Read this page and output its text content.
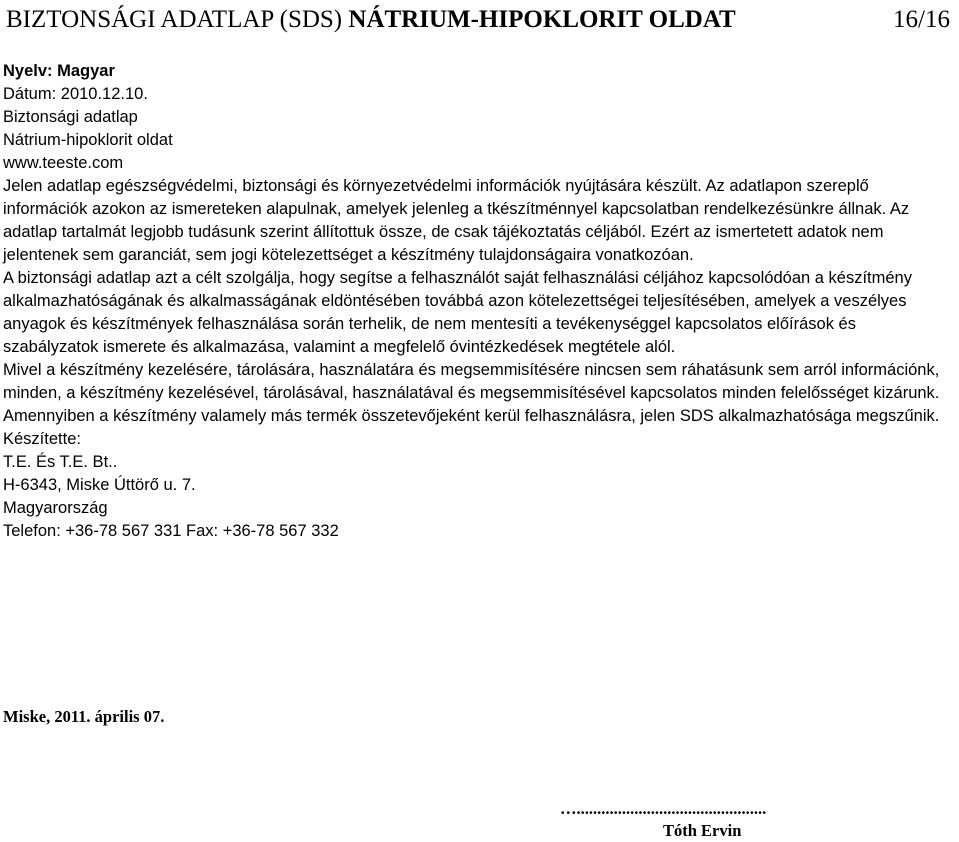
BIZTONSÁGI ADATLAP (SDS) NÁTRIUM-HIPOKLORIT OLDAT	16/16

Nyelv: Magyar

Dátum: 2010.12.10.

Biztonsági adatlap

Nátrium-hipoklorit oldat

www.teeste.com

Jelen adatlap egészségvédelmi, biztonsági és környezetvédelmi információk nyújtására készült. Az adatlapon szereplő információk azokon az ismereteken alapulnak, amelyek jelenleg a tkészítménnyel kapcsolatban rendelkezésünkre állnak. Az adatlap tartalmát legjobb tudásunk szerint állítottuk össze, de csak tájékoztatás céljából. Ezért az ismertetett adatok nem jelentenek sem garanciát, sem jogi kötelezettséget a készítmény tulajdonságaira vonatkozóan.

A biztonsági adatlap azt a célt szolgálja, hogy segítse a felhasználót saját felhasználási céljához kapcsolódóan a készítmény alkalmazhatóságának és alkalmasságának eldöntésében továbbá azon kötelezettségei teljesítésében, amelyek a veszélyes anyagok és készítmények felhasználása során terhelik, de nem mentesíti a tevékenységgel kapcsolatos előírások és szabályzatok ismerete és alkalmazása, valamint a megfelelő óvintézkedések megtétele alól.

Mivel a készítmény kezelésére, tárolására, használatára és megsemmisítésére nincsen sem ráhatásunk sem arról információnk, minden, a készítmény kezelésével, tárolásával, használatával és megsemmisítésével kapcsolatos minden felelősséget kizárunk.

Amennyiben a készítmény valamely más termék összetevőjeként kerül felhasználásra, jelen SDS alkalmazhatósága megszűnik.

Készítette:

T.E. És T.E. Bt..

H-6343, Miske Úttörő u. 7.

Magyarország

Telefon: +36-78 567 331 Fax: +36-78 567 332

Miske, 2011. április 07.
…..............................................
Tóth Ervin
